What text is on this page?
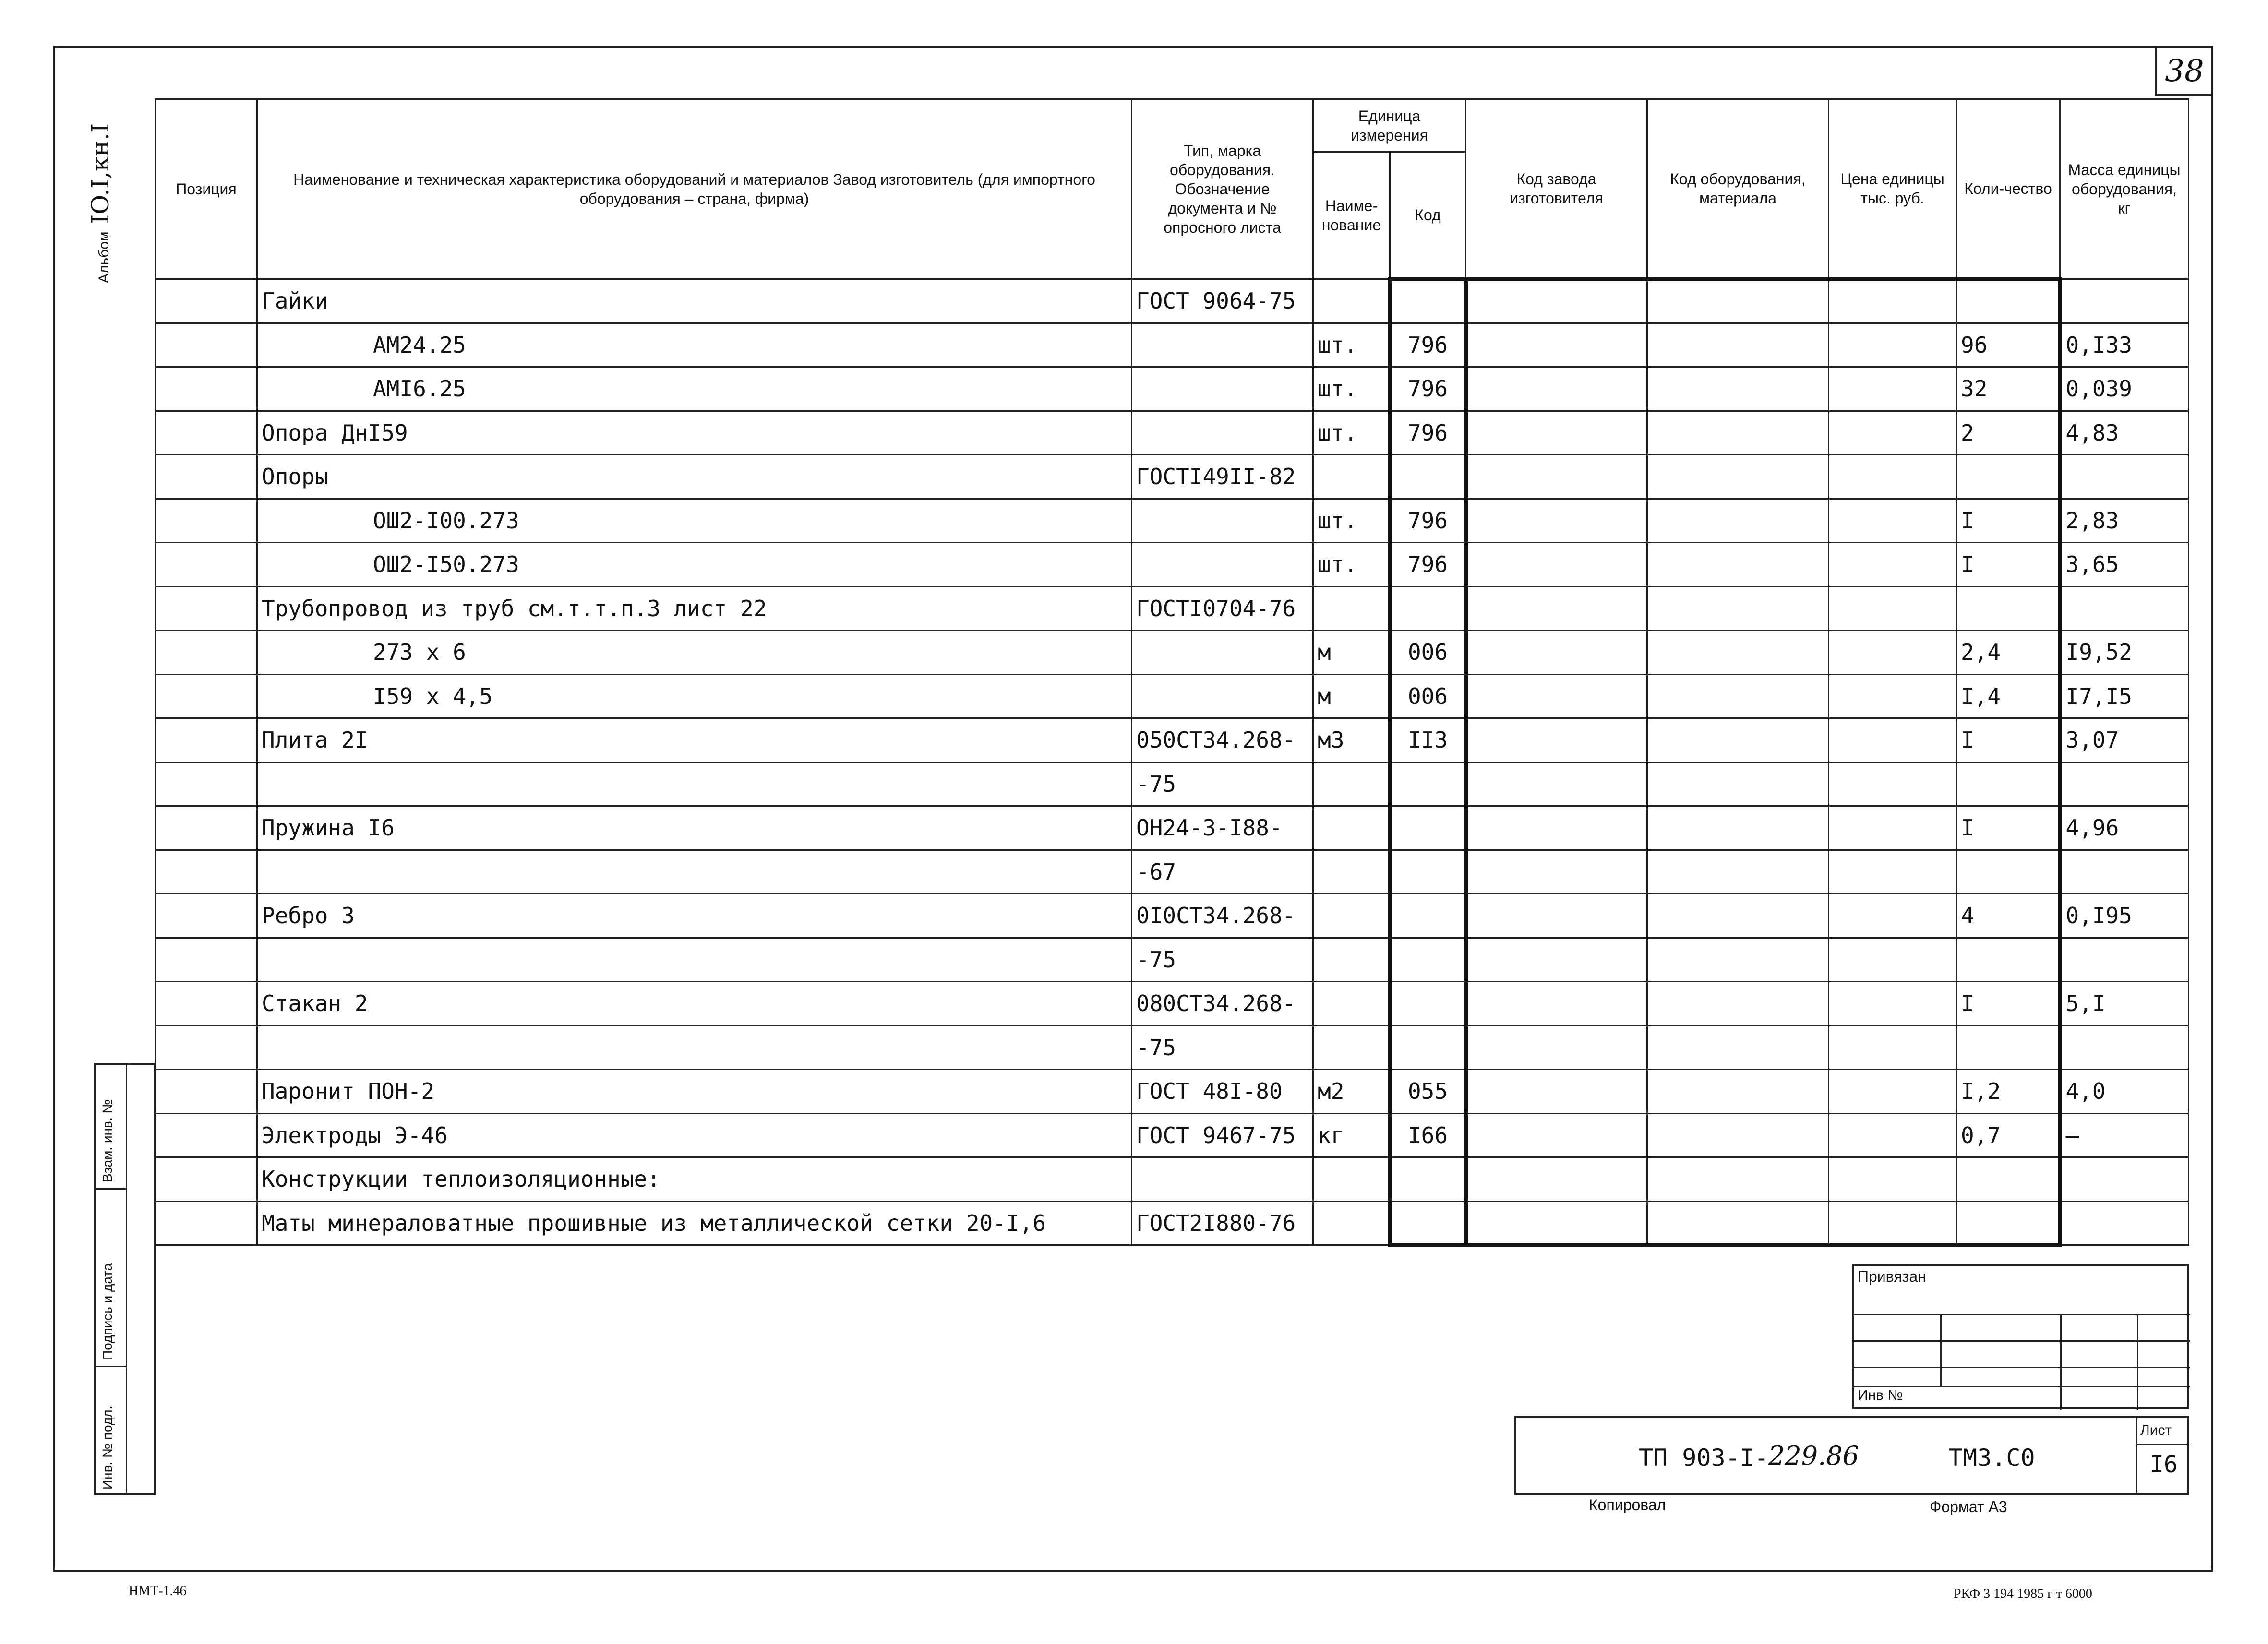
38
Альбом IO.I,кн.I
Взам. инв. №
Подпись и дата
Инв. № подл.
Позиция	Наименование и техническая характеристика оборудований и материалов Завод изготовитель (для импортного оборудования – страна, фирма)	Тип, марка оборудования. Обозначение документа и № опросного листа	Единица измерения		Код завода изготовителя	Код оборудования, материала	Цена единицы тыс. руб.	Коли-чество	Масса единицы оборудования, кг
			Наиме-нование	Код					
	Гайки	ГОСТ 9064-75							
	АМ24.25		шт.	796				96	0,I33
	АМI6.25		шт.	796				32	0,039
	Опора ДнI59		шт.	796				2	4,83
	Опоры	ГОСТI49II-82							
	ОШ2-I00.273		шт.	796				I	2,83
	ОШ2-I50.273		шт.	796				I	3,65
	Трубопровод из труб см.т.т.п.3 лист 22	ГОСТI0704-76							
	273 x 6		м	006				2,4	I9,52
	I59 x 4,5		м	006				I,4	I7,I5
	Плита 2I	050СТ34.268-	м3	II3				I	3,07
		-75							
	Пружина I6	ОН24-3-I88-						I	4,96
		-67							
	Ребро 3	0I0СТ34.268-						4	0,I95
		-75							
	Стакан 2	080СТ34.268-						I	5,I
		-75							
	Паронит ПОН-2	ГОСТ 48I-80	м2	055				I,2	4,0
	Электроды Э-46	ГОСТ 9467-75	кг	I66				0,7	–
	Конструкции теплоизоляционные:								
	Маты минераловатные прошивные из металлической сетки 20-I,6	ГОСТ2I880-76							
Привязан
Инв №
Лист
I6
ТП 903-I- 229.86	ТМ3.С0
Копировал	Формат А3
НМТ-1.46	РКФ 3 194 1985 г т 6000
